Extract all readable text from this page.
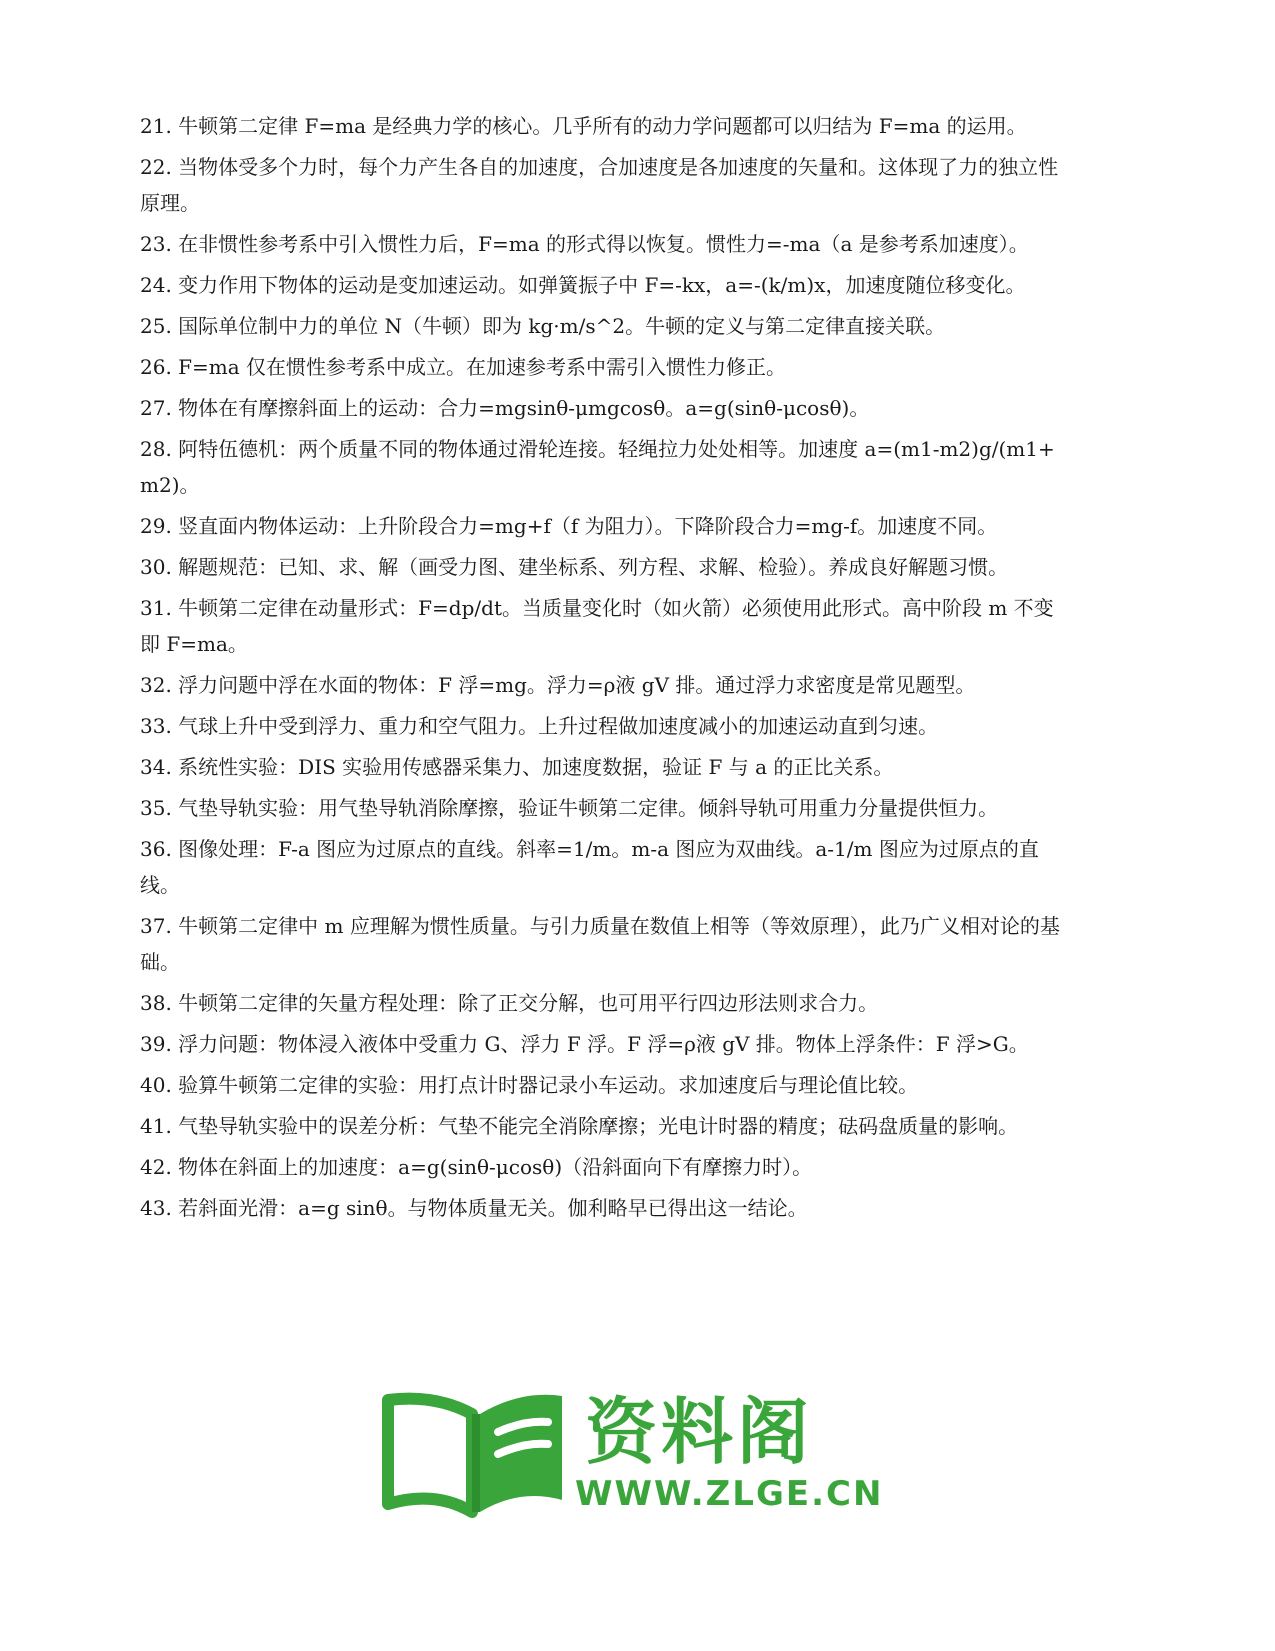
21. 牛顿第二定律 F=ma 是经典力学的核心。几乎所有的动力学问题都可以归结为 F=ma 的运用。

22. 当物体受多个力时，每个力产生各自的加速度，合加速度是各加速度的矢量和。这体现了力的独立性原理。

23. 在非惯性参考系中引入惯性力后，F=ma 的形式得以恢复。惯性力=-ma（a 是参考系加速度）。

24. 变力作用下物体的运动是变加速运动。如弹簧振子中 F=-kx，a=-(k/m)x，加速度随位移变化。

25. 国际单位制中力的单位 N（牛顿）即为 kg·m/s^2。牛顿的定义与第二定律直接关联。

26. F=ma 仅在惯性参考系中成立。在加速参考系中需引入惯性力修正。

27. 物体在有摩擦斜面上的运动：合力=mgsinθ-μmgcosθ。a=g(sinθ-μcosθ)。

28. 阿特伍德机：两个质量不同的物体通过滑轮连接。轻绳拉力处处相等。加速度 a=(m1-m2)g/(m1+m2)。

29. 竖直面内物体运动：上升阶段合力=mg+f（f 为阻力）。下降阶段合力=mg-f。加速度不同。

30. 解题规范：已知、求、解（画受力图、建坐标系、列方程、求解、检验）。养成良好解题习惯。

31. 牛顿第二定律在动量形式：F=dp/dt。当质量变化时（如火箭）必须使用此形式。高中阶段 m 不变即 F=ma。

32. 浮力问题中浮在水面的物体：F 浮=mg。浮力=ρ液 gV 排。通过浮力求密度是常见题型。

33. 气球上升中受到浮力、重力和空气阻力。上升过程做加速度减小的加速运动直到匀速。

34. 系统性实验：DIS 实验用传感器采集力、加速度数据，验证 F 与 a 的正比关系。

35. 气垫导轨实验：用气垫导轨消除摩擦，验证牛顿第二定律。倾斜导轨可用重力分量提供恒力。

36. 图像处理：F-a 图应为过原点的直线。斜率=1/m。m-a 图应为双曲线。a-1/m 图应为过原点的直线。

37. 牛顿第二定律中 m 应理解为惯性质量。与引力质量在数值上相等（等效原理），此乃广义相对论的基础。

38. 牛顿第二定律的矢量方程处理：除了正交分解，也可用平行四边形法则求合力。

39. 浮力问题：物体浸入液体中受重力 G、浮力 F 浮。F 浮=ρ液 gV 排。物体上浮条件：F 浮>G。

40. 验算牛顿第二定律的实验：用打点计时器记录小车运动。求加速度后与理论值比较。

41. 气垫导轨实验中的误差分析：气垫不能完全消除摩擦；光电计时器的精度；砝码盘质量的影响。

42. 物体在斜面上的加速度：a=g(sinθ-μcosθ)（沿斜面向下有摩擦力时）。

43. 若斜面光滑：a=g sinθ。与物体质量无关。伽利略早已得出这一结论。

资料阁
WWW.ZLGE.CN
